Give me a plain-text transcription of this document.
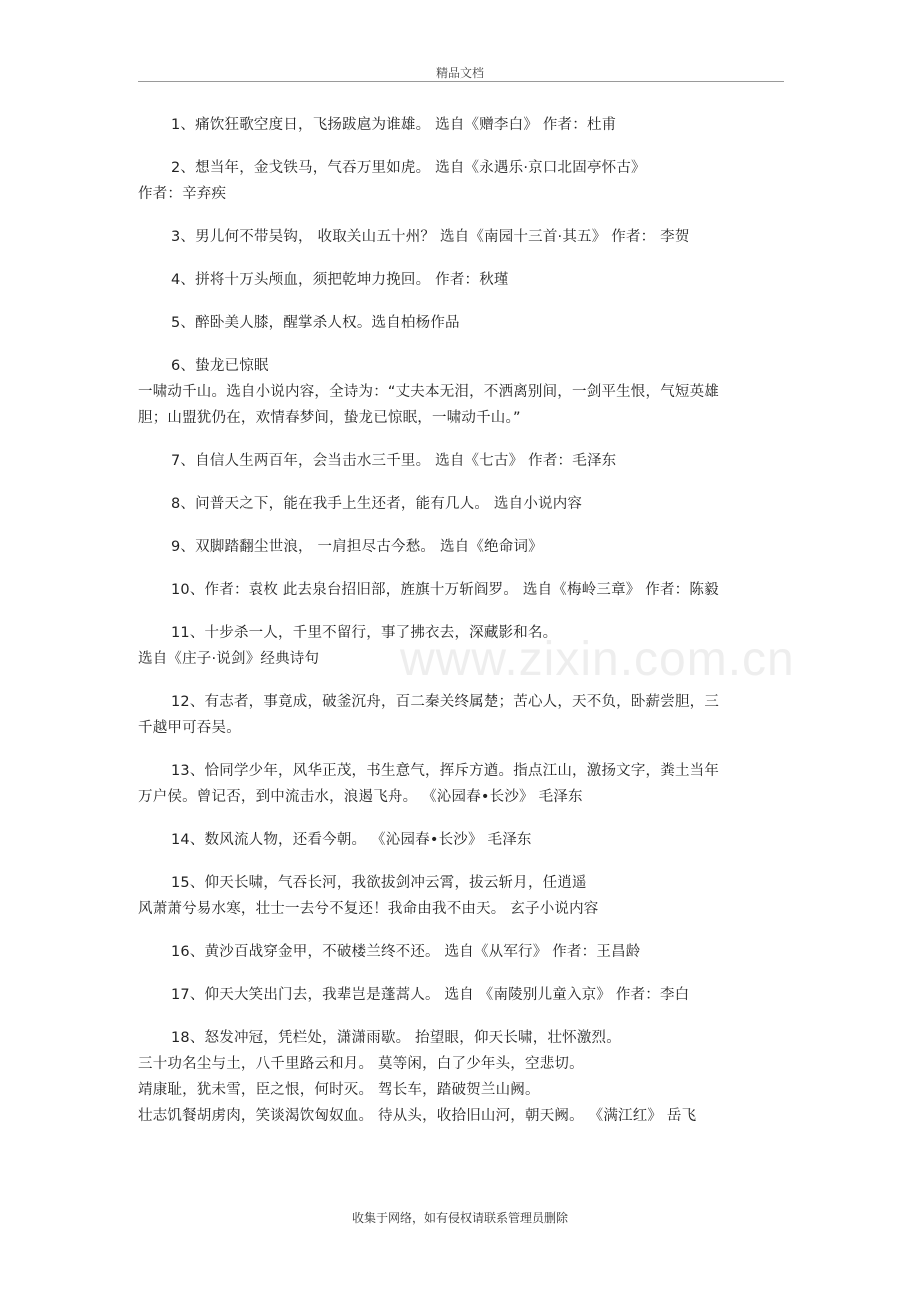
精品文档
www.zixin.com.cn
1、痛饮狂歌空度日，飞扬跋扈为谁雄。 选自《赠李白》 作者：杜甫
2、想当年，金戈铁马，气吞万里如虎。 选自《永遇乐·京口北固亭怀古》
作者：辛弃疾
3、男儿何不带吴钩， 收取关山五十州？ 选自《南园十三首·其五》 作者： 李贺
4、拼将十万头颅血，须把乾坤力挽回。 作者：秋瑾
5、醉卧美人膝，醒掌杀人权。选自柏杨作品
6、蛰龙已惊眠
一啸动千山。选自小说内容，全诗为：“丈夫本无泪，不洒离别间，一剑平生恨，气短英雄
胆；山盟犹仍在，欢情春梦间，蛰龙已惊眠，一啸动千山。”
7、自信人生两百年，会当击水三千里。 选自《七古》 作者：毛泽东
8、问普天之下，能在我手上生还者，能有几人。 选自小说内容
9、双脚踏翻尘世浪， 一肩担尽古今愁。 选自《绝命词》
10、作者：袁枚 此去泉台招旧部，旌旗十万斩阎罗。 选自《梅岭三章》 作者：陈毅
11、十步杀一人，千里不留行，事了拂衣去，深藏影和名。
选自《庄子·说剑》经典诗句
12、有志者，事竟成，破釜沉舟，百二秦关终属楚；苦心人，天不负，卧薪尝胆，三
千越甲可吞吴。
13、恰同学少年，风华正茂，书生意气，挥斥方遒。指点江山，激扬文字，粪土当年
万户侯。曾记否，到中流击水，浪遏飞舟。 《沁园春•长沙》 毛泽东
14、数风流人物，还看今朝。 《沁园春•长沙》 毛泽东
15、仰天长啸，气吞长河，我欲拔剑冲云霄，拔云斩月，任逍遥
风萧萧兮易水寒，壮士一去兮不复还！我命由我不由天。 玄子小说内容
16、黄沙百战穿金甲，不破楼兰终不还。 选自《从军行》 作者：王昌龄
17、仰天大笑出门去，我辈岂是蓬蒿人。 选自 《南陵别儿童入京》 作者：李白
18、怒发冲冠，凭栏处，潇潇雨歇。 抬望眼，仰天长啸，壮怀激烈。
三十功名尘与土，八千里路云和月。 莫等闲，白了少年头，空悲切。
靖康耻，犹未雪，臣之恨，何时灭。 驾长车，踏破贺兰山阙。
壮志饥餐胡虏肉，笑谈渴饮匈奴血。 待从头，收拾旧山河，朝天阙。 《满江红》 岳飞
收集于网络，如有侵权请联系管理员删除
